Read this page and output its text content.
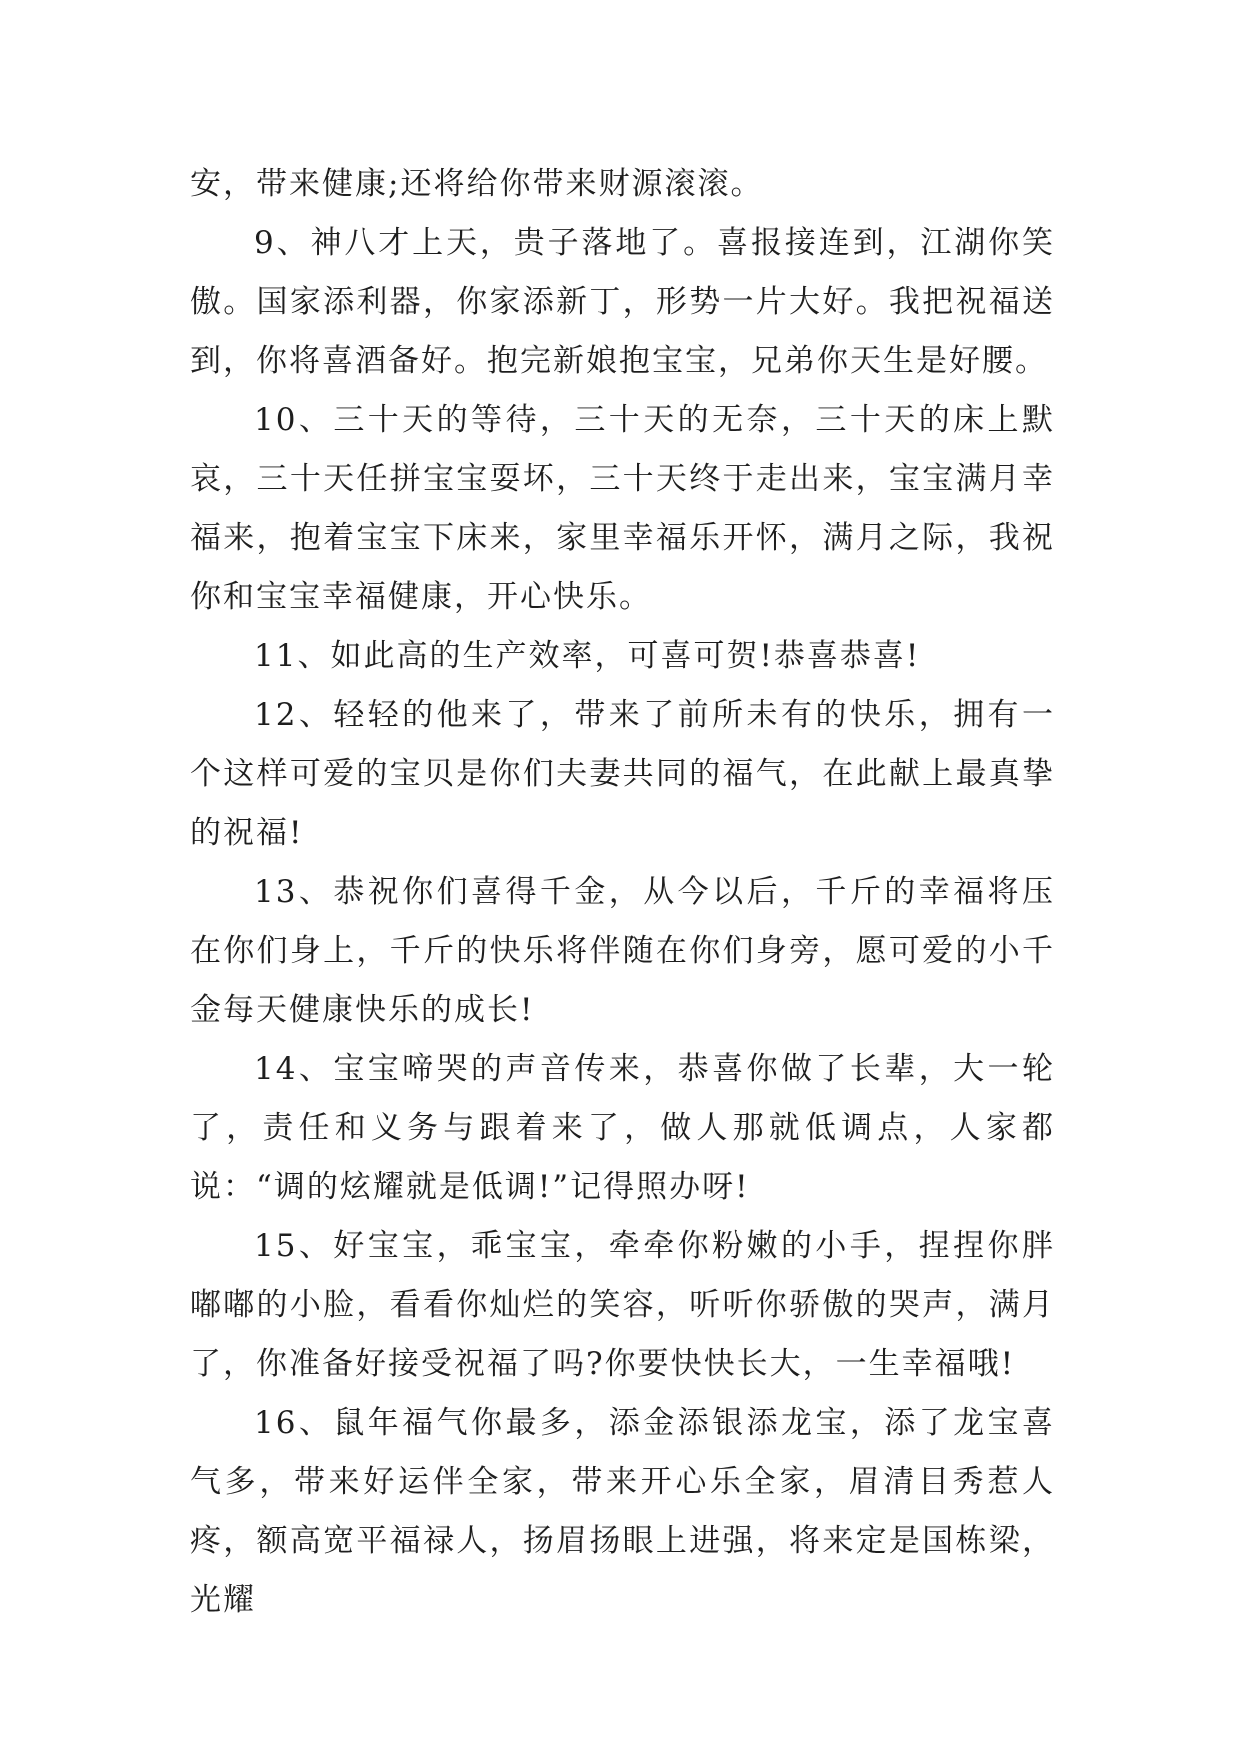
安，带来健康;还将给你带来财源滚滚。

9、神八才上天，贵子落地了。喜报接连到，江湖你笑傲。国家添利器，你家添新丁，形势一片大好。我把祝福送到，你将喜酒备好。抱完新娘抱宝宝，兄弟你天生是好腰。

10、三十天的等待，三十天的无奈，三十天的床上默哀，三十天任拼宝宝耍坏，三十天终于走出来，宝宝满月幸福来，抱着宝宝下床来，家里幸福乐开怀，满月之际，我祝你和宝宝幸福健康，开心快乐。

11、如此高的生产效率，可喜可贺!恭喜恭喜!

12、轻轻的他来了，带来了前所未有的快乐，拥有一个这样可爱的宝贝是你们夫妻共同的福气，在此献上最真挚的祝福!

13、恭祝你们喜得千金，从今以后，千斤的幸福将压在你们身上，千斤的快乐将伴随在你们身旁，愿可爱的小千金每天健康快乐的成长!

14、宝宝啼哭的声音传来，恭喜你做了长辈，大一轮了，责任和义务与跟着来了，做人那就低调点，人家都说：“调的炫耀就是低调!”记得照办呀!

15、好宝宝，乖宝宝，牵牵你粉嫩的小手，捏捏你胖嘟嘟的小脸，看看你灿烂的笑容，听听你骄傲的哭声，满月了，你准备好接受祝福了吗?你要快快长大，一生幸福哦!

16、鼠年福气你最多，添金添银添龙宝，添了龙宝喜气多，带来好运伴全家，带来开心乐全家，眉清目秀惹人疼，额高宽平福禄人，扬眉扬眼上进强，将来定是国栋梁，光耀
